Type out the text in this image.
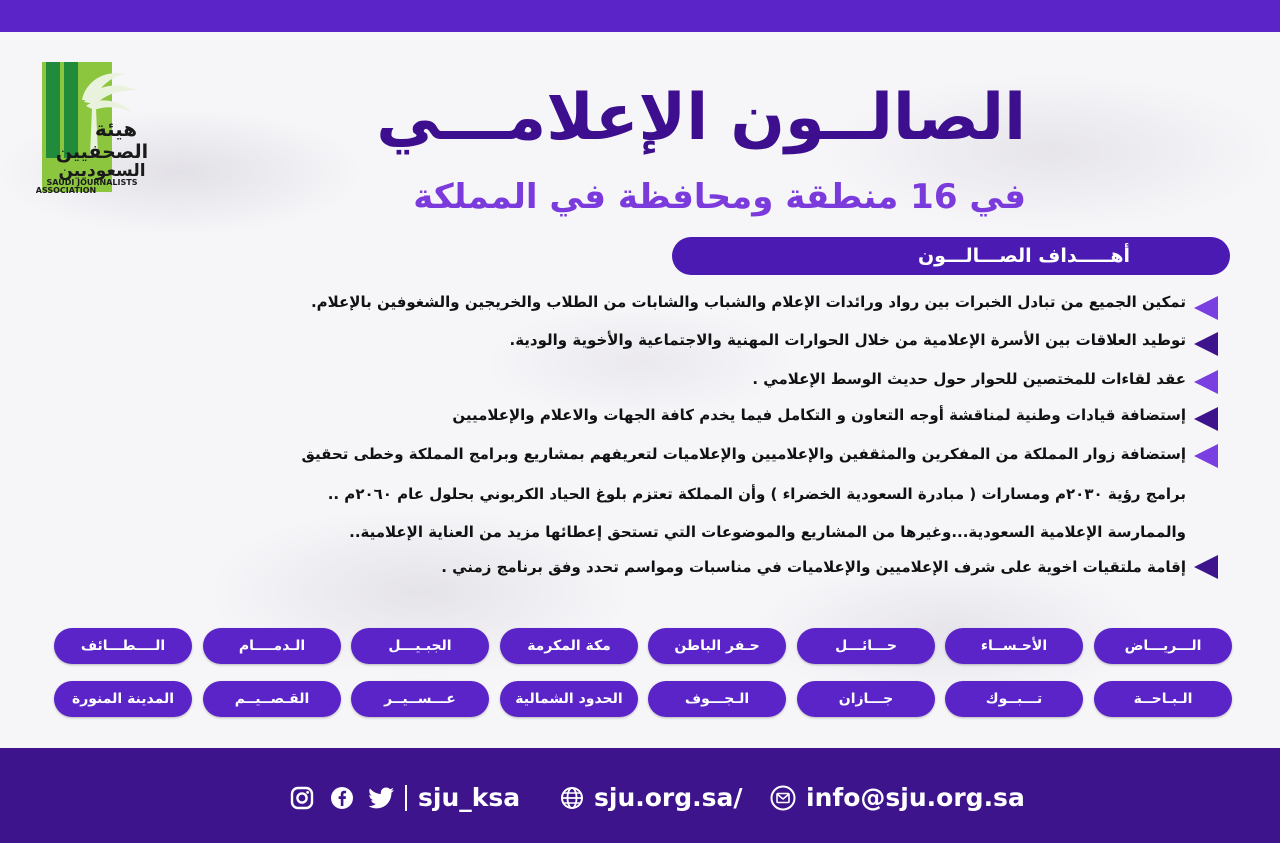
هيئة
الصحفيين
السعوديين
SAUDI JOURNALISTS
ASSOCIATION
الصالــون الإعلامـــي
في 16 منطقة ومحافظة في المملكة
أهـــــداف الصـــالـــون
تمكين الجميع من تبادل الخبرات بين رواد ورائدات الإعلام والشباب والشابات من الطلاب والخريجين والشغوفين بالإعلام.
توطيد العلاقات بين الأسرة الإعلامية من خلال الحوارات المهنية والاجتماعية والأخوية والودية.
عقد لقاءات للمختصين للحوار حول حديث الوسط الإعلامي .
إستضافة قيادات وطنية لمناقشة أوجه التعاون و التكامل فيما يخدم كافة الجهات والاعلام والإعلاميين
إستضافة زوار المملكة من المفكرين والمثقفين والإعلاميين والإعلاميات لتعريفهم بمشاريع وبرامج المملكة وخطى تحقيق
برامج رؤية ٢٠٣٠م ومسارات ( مبادرة السعودية الخضراء ) وأن المملكة تعتزم بلوغ الحياد الكربوني بحلول عام ٢٠٦٠م ..
والممارسة الإعلامية السعودية...وغيرها من المشاريع والموضوعات التي تستحق إعطائها مزيد من العناية الإعلامية..
إقامة ملتقيات اخوية على شرف الإعلاميين والإعلاميات في مناسبات ومواسم تحدد وفق برنامج زمني .
الـــريـــاض
الأحـســاء
حـــائـــل
حـفر الباطن
مكة المكرمة
الجبـيـــل
الـدمــــام
الــــطـــائف
الـبـاحــة
تـــبــوك
جـــازان
الـجـــوف
الحدود الشمالية
عـــســيــر
القـصــيــم
المدينة المنورة
sju_ksa	sju.org.sa/	info@sju.org.sa
